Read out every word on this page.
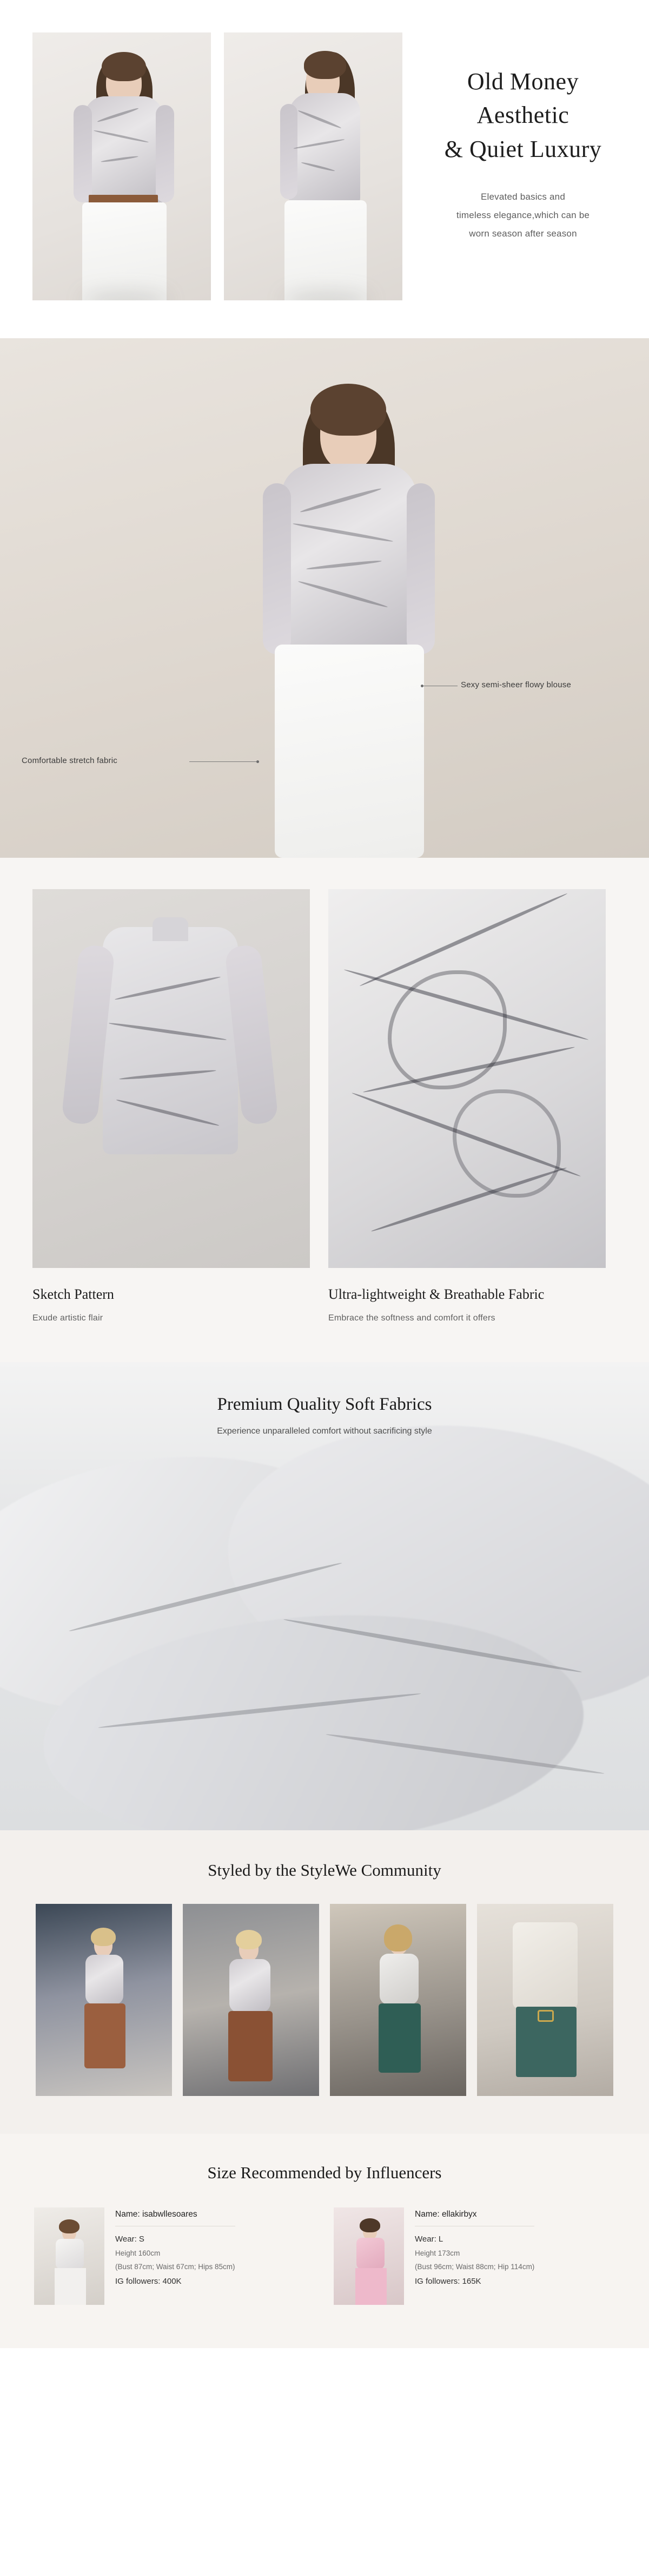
Old Money
Aesthetic
& Quiet Luxury

Elevated basics and
timeless elegance,which can be
worn season after season

Sexy semi-sheer flowy blouse
Comfortable stretch fabric
Sketch Pattern

Exude artistic flair

Ultra-lightweight & Breathable Fabric

Embrace the softness and comfort it offers

Premium Quality Soft Fabrics

Experience unparalleled comfort without sacrificing style

Styled by the StyleWe Community
Size Recommended by Influencers
Name: isabwllesoares
Wear: S
Height 160cm
(Bust 87cm; Waist 67cm; Hips 85cm)
IG followers: 400K
Name: ellakirbyx
Wear: L
Height 173cm
(Bust 96cm; Waist 88cm; Hip 114cm)
IG followers: 165K
